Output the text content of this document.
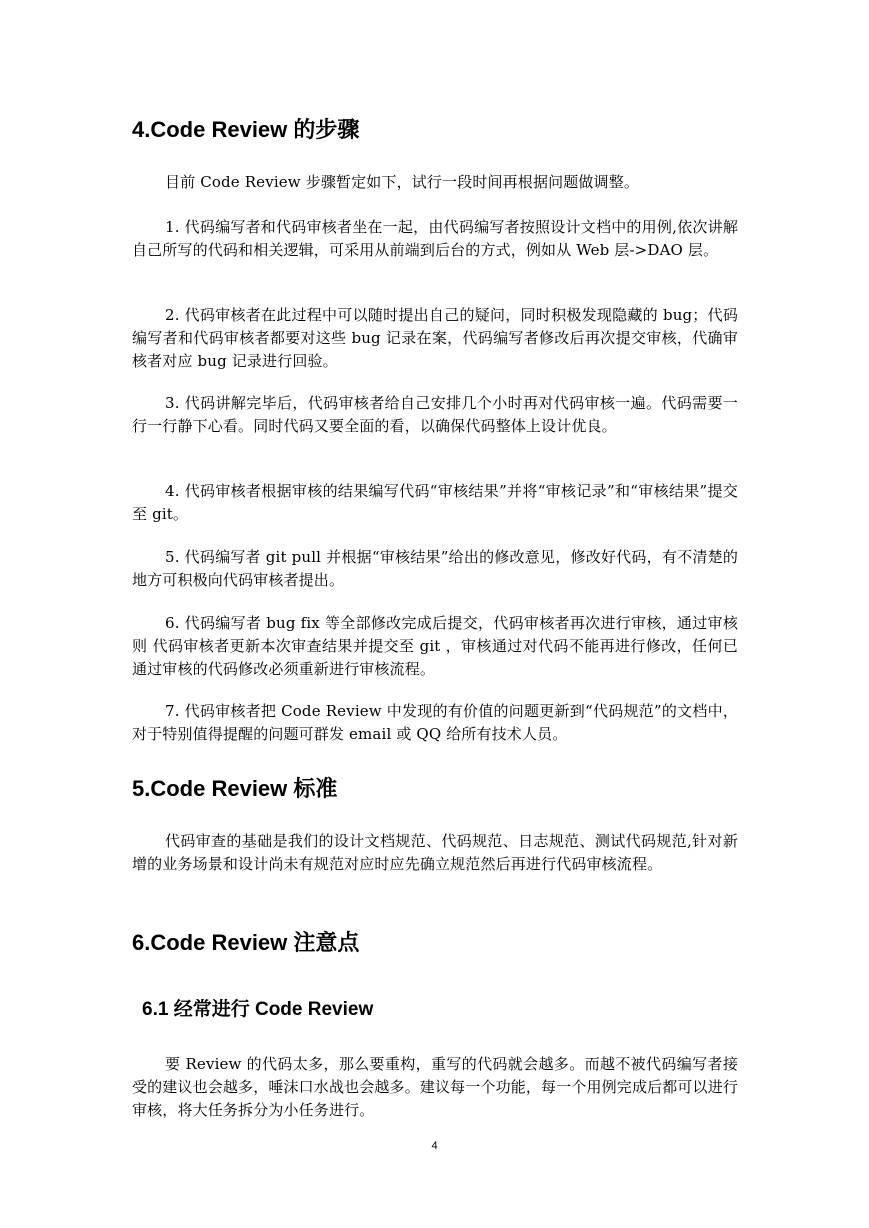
4.Code Review 的步骤

目前 Code Review 步骤暂定如下，试行一段时间再根据问题做调整。

1. 代码编写者和代码审核者坐在一起，由代码编写者按照设计文档中的用例,依次讲解自己所写的代码和相关逻辑，可采用从前端到后台的方式，例如从 Web 层->DAO 层。

2. 代码审核者在此过程中可以随时提出自己的疑问，同时积极发现隐藏的 bug；代码编写者和代码审核者都要对这些 bug 记录在案，代码编写者修改后再次提交审核，代确审核者对应 bug 记录进行回验。

3. 代码讲解完毕后，代码审核者给自己安排几个小时再对代码审核一遍。代码需要一行一行静下心看。同时代码又要全面的看，以确保代码整体上设计优良。

4. 代码审核者根据审核的结果编写代码“审核结果”并将“审核记录”和“审核结果”提交至 git。

5. 代码编写者 git pull 并根据“审核结果”给出的修改意见，修改好代码，有不清楚的地方可积极向代码审核者提出。

6. 代码编写者 bug fix 等全部修改完成后提交，代码审核者再次进行审核，通过审核则 代码审核者更新本次审查结果并提交至 git ，审核通过对代码不能再进行修改，任何已通过审核的代码修改必须重新进行审核流程。

7. 代码审核者把 Code Review 中发现的有价值的问题更新到“代码规范”的文档中，对于特别值得提醒的问题可群发 email 或 QQ 给所有技术人员。

5.Code Review 标准

代码审查的基础是我们的设计文档规范、代码规范、日志规范、测试代码规范,针对新增的业务场景和设计尚未有规范对应时应先确立规范然后再进行代码审核流程。

6.Code Review 注意点
6.1 经常进行 Code Review

要 Review 的代码太多，那么要重构，重写的代码就会越多。而越不被代码编写者接受的建议也会越多，唾沫口水战也会越多。建议每一个功能，每一个用例完成后都可以进行审核，将大任务拆分为小任务进行。

4
